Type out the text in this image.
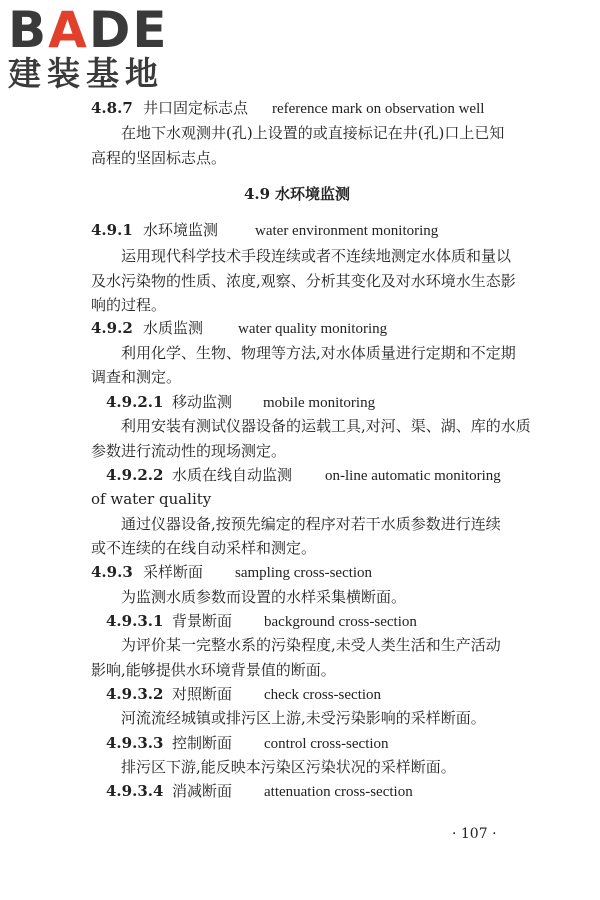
BADE
建装基地
4.8.7 井口固定标志点 reference mark on observation well
在地下水观测井(孔)上设置的或直接标记在井(孔)口上已知
高程的坚固标志点。
4.9 水环境监测
4.9.1 水环境监测 water environment monitoring
运用现代科学技术手段连续或者不连续地测定水体质和量以
及水污染物的性质、浓度,观察、分析其变化及对水环境水生态影
响的过程。
4.9.2 水质监测 water quality monitoring
利用化学、生物、物理等方法,对水体质量进行定期和不定期
调查和测定。
4.9.2.1 移动监测 mobile monitoring
利用安装有测试仪器设备的运载工具,对河、渠、湖、库的水质
参数进行流动性的现场测定。
4.9.2.2 水质在线自动监测 on-line automatic monitoring
of water quality
通过仪器设备,按预先编定的程序对若干水质参数进行连续
或不连续的在线自动采样和测定。
4.9.3 采样断面 sampling cross-section
为监测水质参数而设置的水样采集横断面。
4.9.3.1 背景断面 background cross-section
为评价某一完整水系的污染程度,未受人类生活和生产活动
影响,能够提供水环境背景值的断面。
4.9.3.2 对照断面 check cross-section
河流流经城镇或排污区上游,未受污染影响的采样断面。
4.9.3.3 控制断面 control cross-section
排污区下游,能反映本污染区污染状况的采样断面。
4.9.3.4 消减断面 attenuation cross-section
· 107 ·
